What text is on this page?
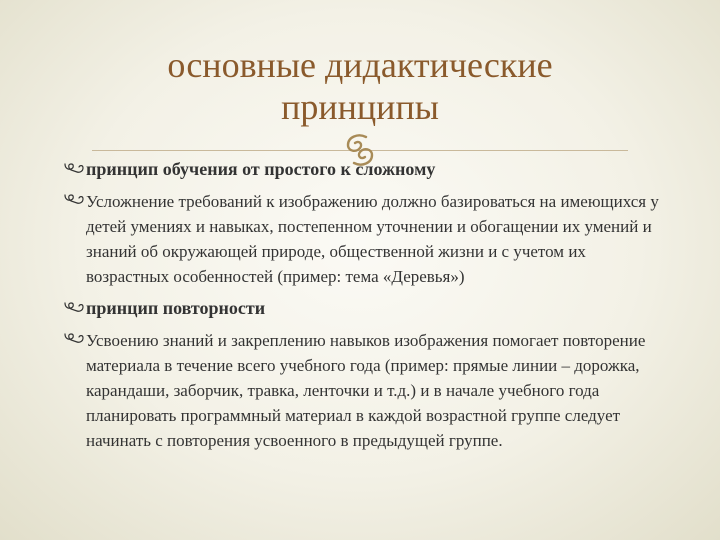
основные дидактические принципы
принцип обучения от простого к сложному
Усложнение требований к изображению должно базироваться на имеющихся у детей умениях и навыках, постепенном уточнении и обогащении их умений и знаний об окружающей природе, общественной жизни и с учетом их возрастных особенностей (пример: тема «Деревья»)
принцип повторности
Усвоению знаний и закреплению навыков изображения помогает повторение материала в течение всего учебного года (пример: прямые линии – дорожка, карандаши, заборчик, травка, ленточки и т.д.) и в начале учебного года планировать программный материал в каждой возрастной группе следует начинать с повторения усвоенного в предыдущей группе.
